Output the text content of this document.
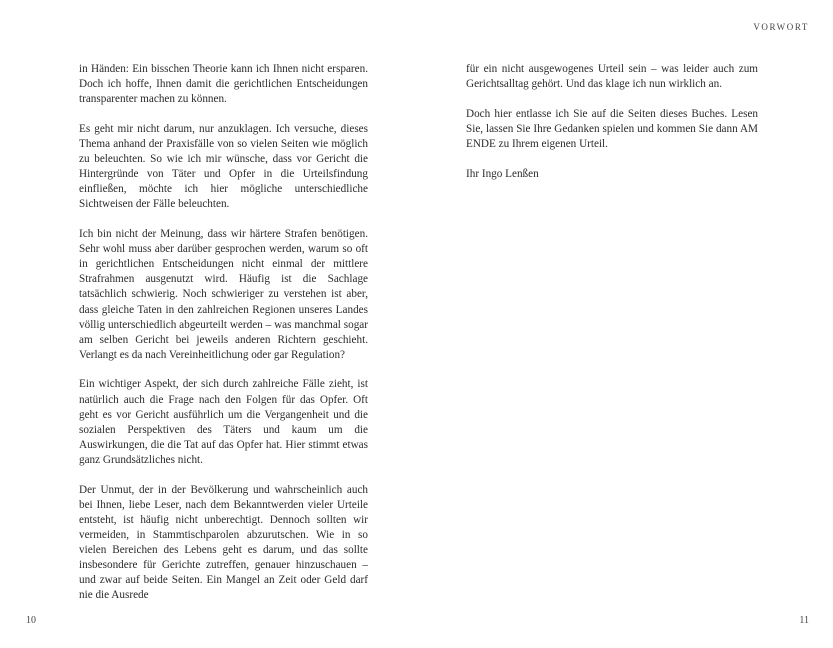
in Händen: Ein bisschen Theorie kann ich Ihnen nicht ersparen. Doch ich hoffe, Ihnen damit die gerichtlichen Entscheidungen transparenter machen zu können.

Es geht mir nicht darum, nur anzuklagen. Ich versuche, dieses Thema anhand der Praxisfälle von so vielen Seiten wie möglich zu beleuchten. So wie ich mir wünsche, dass vor Gericht die Hintergründe von Täter und Opfer in die Urteilsfindung einfließen, möchte ich hier mögliche unterschiedliche Sichtweisen der Fälle beleuchten.

Ich bin nicht der Meinung, dass wir härtere Strafen benötigen. Sehr wohl muss aber darüber gesprochen werden, warum so oft in gerichtlichen Entscheidungen nicht einmal der mittlere Strafrahmen ausgenutzt wird. Häufig ist die Sachlage tatsächlich schwierig. Noch schwieriger zu verstehen ist aber, dass gleiche Taten in den zahlreichen Regionen unseres Landes völlig unterschiedlich abgeurteilt werden – was manchmal sogar am selben Gericht bei jeweils anderen Richtern geschieht. Verlangt es da nach Vereinheitlichung oder gar Regulation?

Ein wichtiger Aspekt, der sich durch zahlreiche Fälle zieht, ist natürlich auch die Frage nach den Folgen für das Opfer. Oft geht es vor Gericht ausführlich um die Vergangenheit und die sozialen Perspektiven des Täters und kaum um die Auswirkungen, die die Tat auf das Opfer hat. Hier stimmt etwas ganz Grundsätzliches nicht.

Der Unmut, der in der Bevölkerung und wahrscheinlich auch bei Ihnen, liebe Leser, nach dem Bekanntwerden vieler Urteile entsteht, ist häufig nicht unberechtigt. Dennoch sollten wir vermeiden, in Stammtischparolen abzurutschen. Wie in so vielen Bereichen des Lebens geht es darum, und das sollte insbesondere für Gerichte zutreffen, genauer hinzuschauen – und zwar auf beide Seiten. Ein Mangel an Zeit oder Geld darf nie die Ausrede

10
VORWORT

für ein nicht ausgewogenes Urteil sein – was leider auch zum Gerichtsalltag gehört. Und das klage ich nun wirklich an.

Doch hier entlasse ich Sie auf die Seiten dieses Buches. Lesen Sie, lassen Sie Ihre Gedanken spielen und kommen Sie dann AM ENDE zu Ihrem eigenen Urteil.

Ihr Ingo Lenßen

11
